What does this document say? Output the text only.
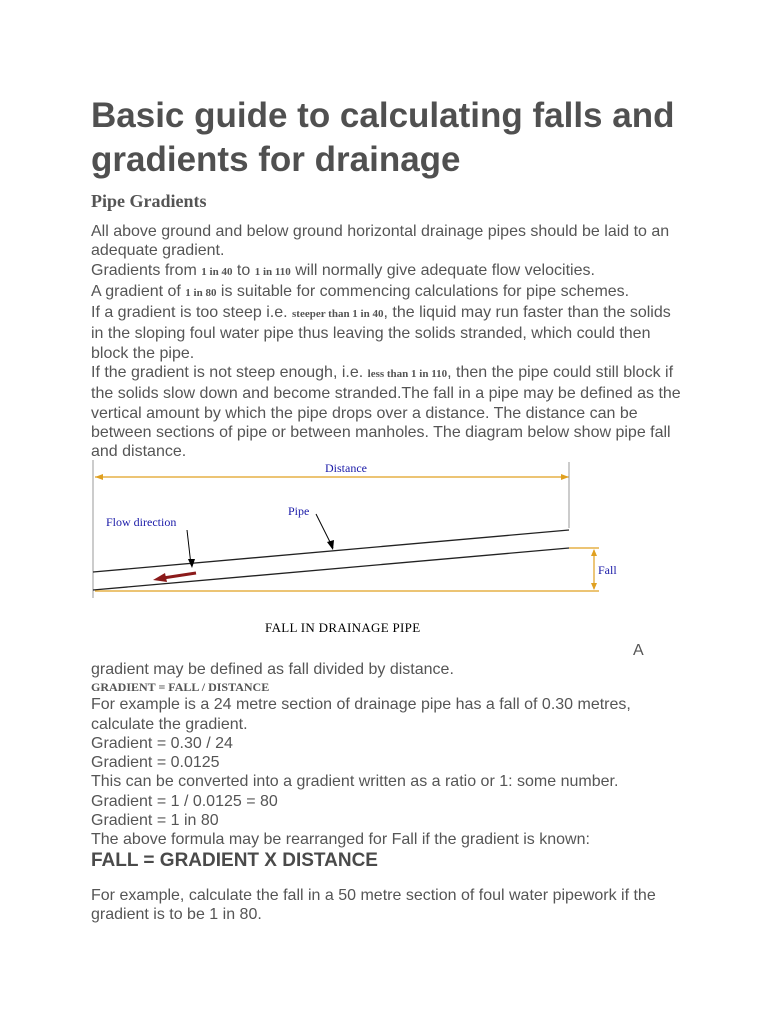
Basic guide to calculating falls and gradients for drainage
Pipe Gradients

All above ground and below ground horizontal drainage pipes should be laid to an adequate gradient.

Gradients from 1 in 40 to 1 in 110 will normally give adequate flow velocities.

A gradient of 1 in 80 is suitable for commencing calculations for pipe schemes.

If a gradient is too steep i.e. steeper than 1 in 40, the liquid may run faster than the solids in the sloping foul water pipe thus leaving the solids stranded, which could then block the pipe.

If the gradient is not steep enough, i.e. less than 1 in 110, then the pipe could still block if the solids slow down and become stranded.The fall in a pipe may be defined as the vertical amount by which the pipe drops over a distance. The distance can be between sections of pipe or between manholes. The diagram below show pipe fall and distance.

Distance
Fall
Pipe
Flow direction
FALL IN DRAINAGE PIPE
A

gradient may be defined as fall divided by distance.

GRADIENT = FALL / DISTANCE

For example is a 24 metre section of drainage pipe has a fall of 0.30 metres, calculate the gradient.

Gradient = 0.30 / 24

Gradient = 0.0125

This can be converted into a gradient written as a ratio or 1: some number.

Gradient = 1 / 0.0125 = 80

Gradient = 1 in 80

The above formula may be rearranged for Fall if the gradient is known:

FALL = GRADIENT X DISTANCE

For example, calculate the fall in a 50 metre section of foul water pipework if the gradient is to be 1 in 80.
